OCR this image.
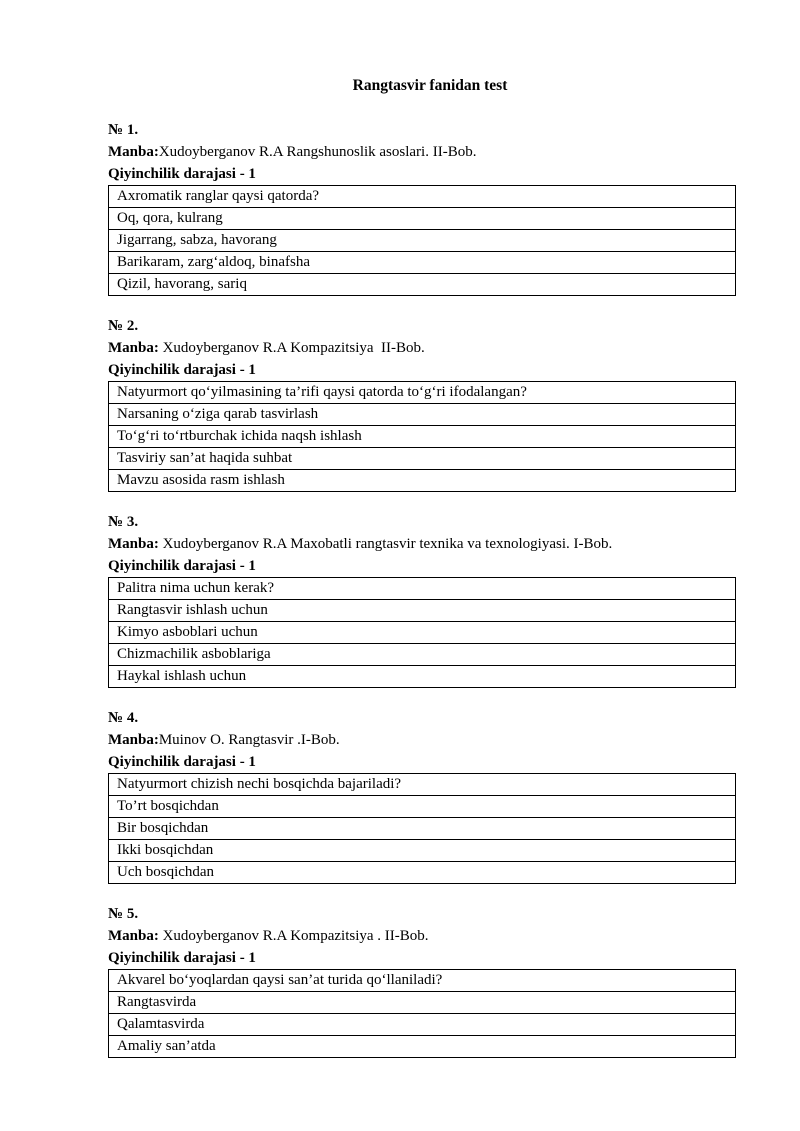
Rangtasvir fanidan test
№ 1.
Manba: Xudoyberganov R.A Rangshunoslik asoslari. II-Bob.
Qiyinchilik darajasi - 1
Axromatik ranglar qaysi qatorda?
Oq, qora, kulrang
Jigarrang, sabza, havorang
Barikaram, zarg‘aldoq, binafsha
Qizil, havorang, sariq
№ 2.
Manba: Xudoyberganov R.A Kompazitsiya  II-Bob.
Qiyinchilik darajasi - 1
Natyurmort qo‘yilmasining ta’rifi qaysi qatorda to‘g‘ri ifodalangan?
Narsaning o‘ziga qarab tasvirlash
To‘g‘ri to‘rtburchak ichida naqsh ishlash
Tasviriy san’at haqida suhbat
Mavzu asosida rasm ishlash
№ 3.
Manba: Xudoyberganov R.A Maxobatli rangtasvir texnika va texnologiyasi. I-Bob.
Qiyinchilik darajasi - 1
Palitra nima uchun kerak?
Rangtasvir ishlash uchun
Kimyo asboblari uchun
Chizmachilik asboblariga
Haykal ishlash uchun
№ 4.
Manba: Muinov O. Rangtasvir .I-Bob.
Qiyinchilik darajasi - 1
Natyurmort chizish nechi bosqichda bajariladi?
To’rt bosqichdan
Bir bosqichdan
Ikki bosqichdan
Uch bosqichdan
№ 5.
Manba: Xudoyberganov R.A Kompazitsiya . II-Bob.
Qiyinchilik darajasi - 1
Akvarel bo‘yoqlardan qaysi san’at turida qo‘llaniladi?
Rangtasvirda
Qalamtasvirda
Amaliy san’atda
